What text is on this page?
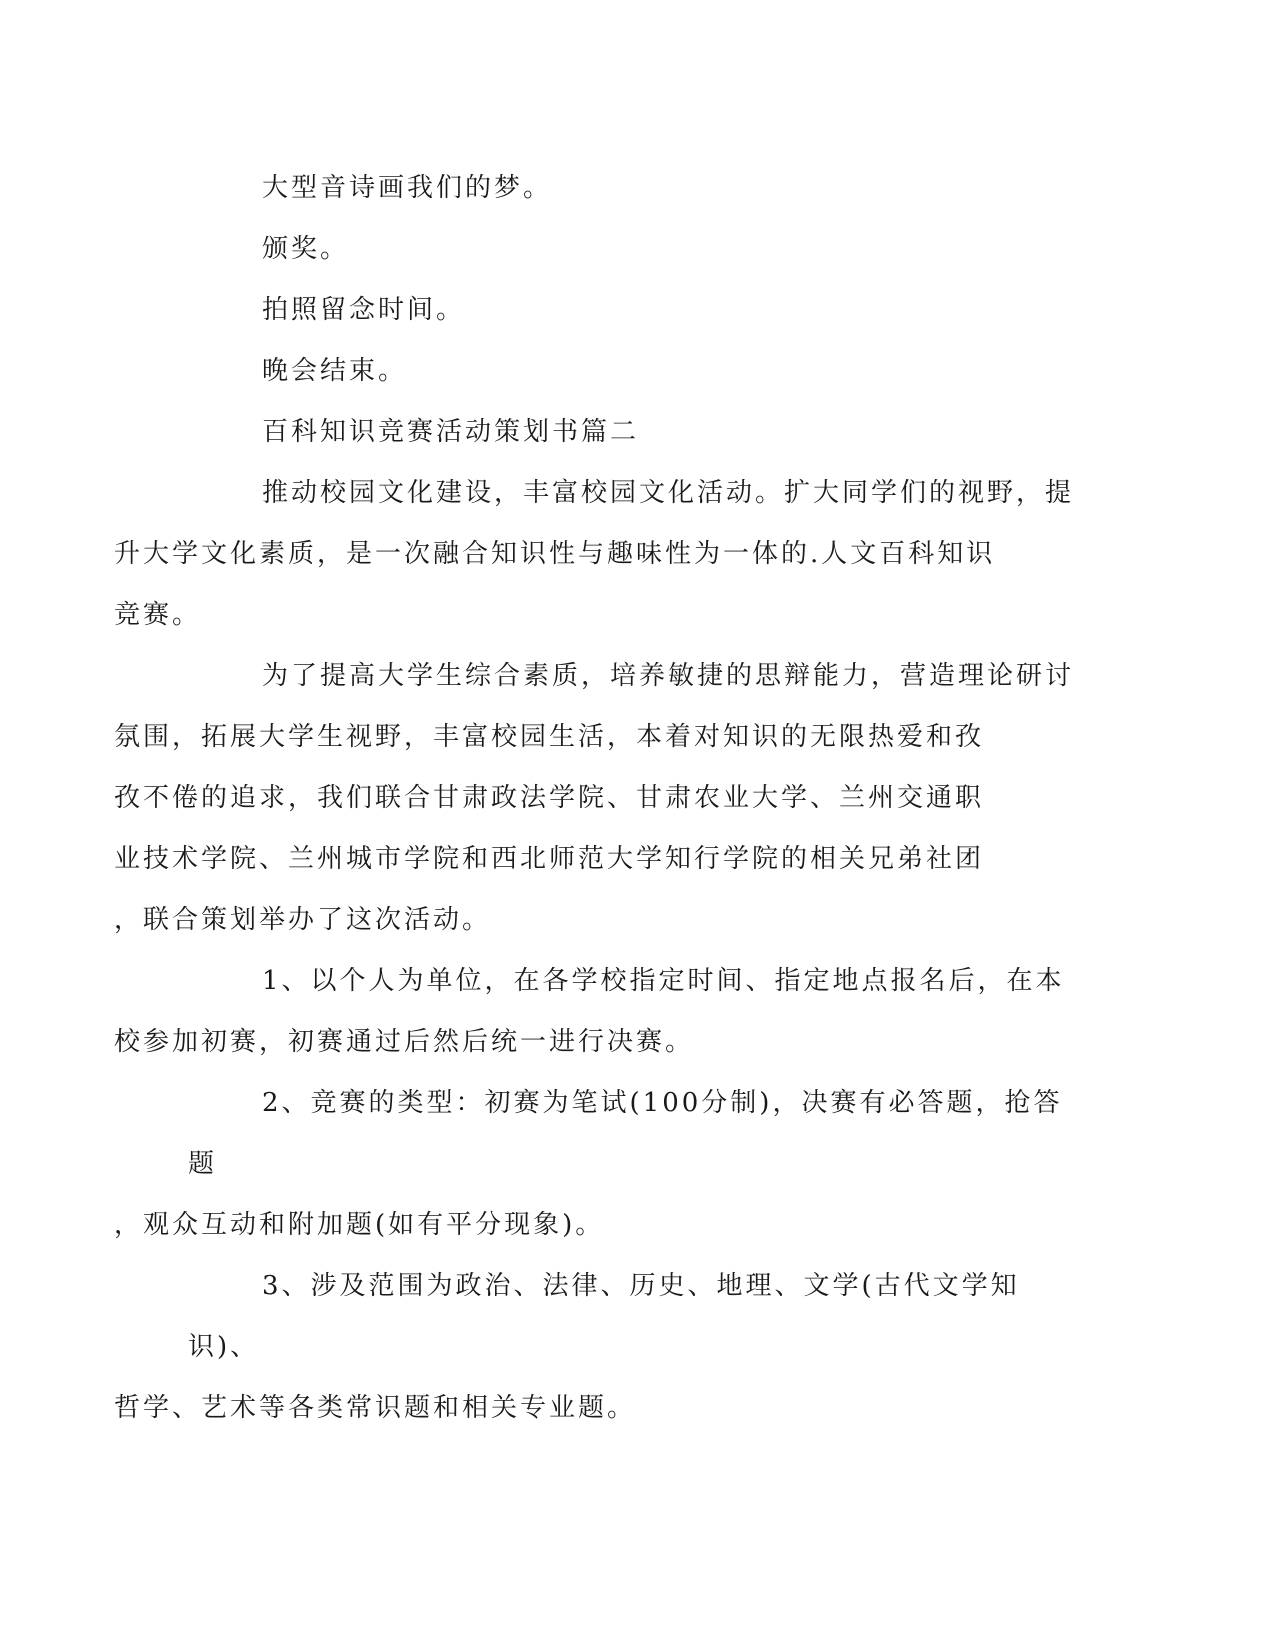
大型音诗画我们的梦。

颁奖。

拍照留念时间。

晚会结束。

百科知识竞赛活动策划书篇二

推动校园文化建设，丰富校园文化活动。扩大同学们的视野，提
升大学文化素质，是一次融合知识性与趣味性为一体的.人文百科知识
竞赛。

为了提高大学生综合素质，培养敏捷的思辩能力，营造理论研讨
氛围，拓展大学生视野，丰富校园生活，本着对知识的无限热爱和孜
孜不倦的追求，我们联合甘肃政法学院、甘肃农业大学、兰州交通职
业技术学院、兰州城市学院和西北师范大学知行学院的相关兄弟社团
，联合策划举办了这次活动。

1、以个人为单位，在各学校指定时间、指定地点报名后，在本
校参加初赛，初赛通过后然后统一进行决赛。

2、竞赛的类型：初赛为笔试(100分制)，决赛有必答题，抢答题
，观众互动和附加题(如有平分现象)。

3、涉及范围为政治、法律、历史、地理、文学(古代文学知识)、
哲学、艺术等各类常识题和相关专业题。
